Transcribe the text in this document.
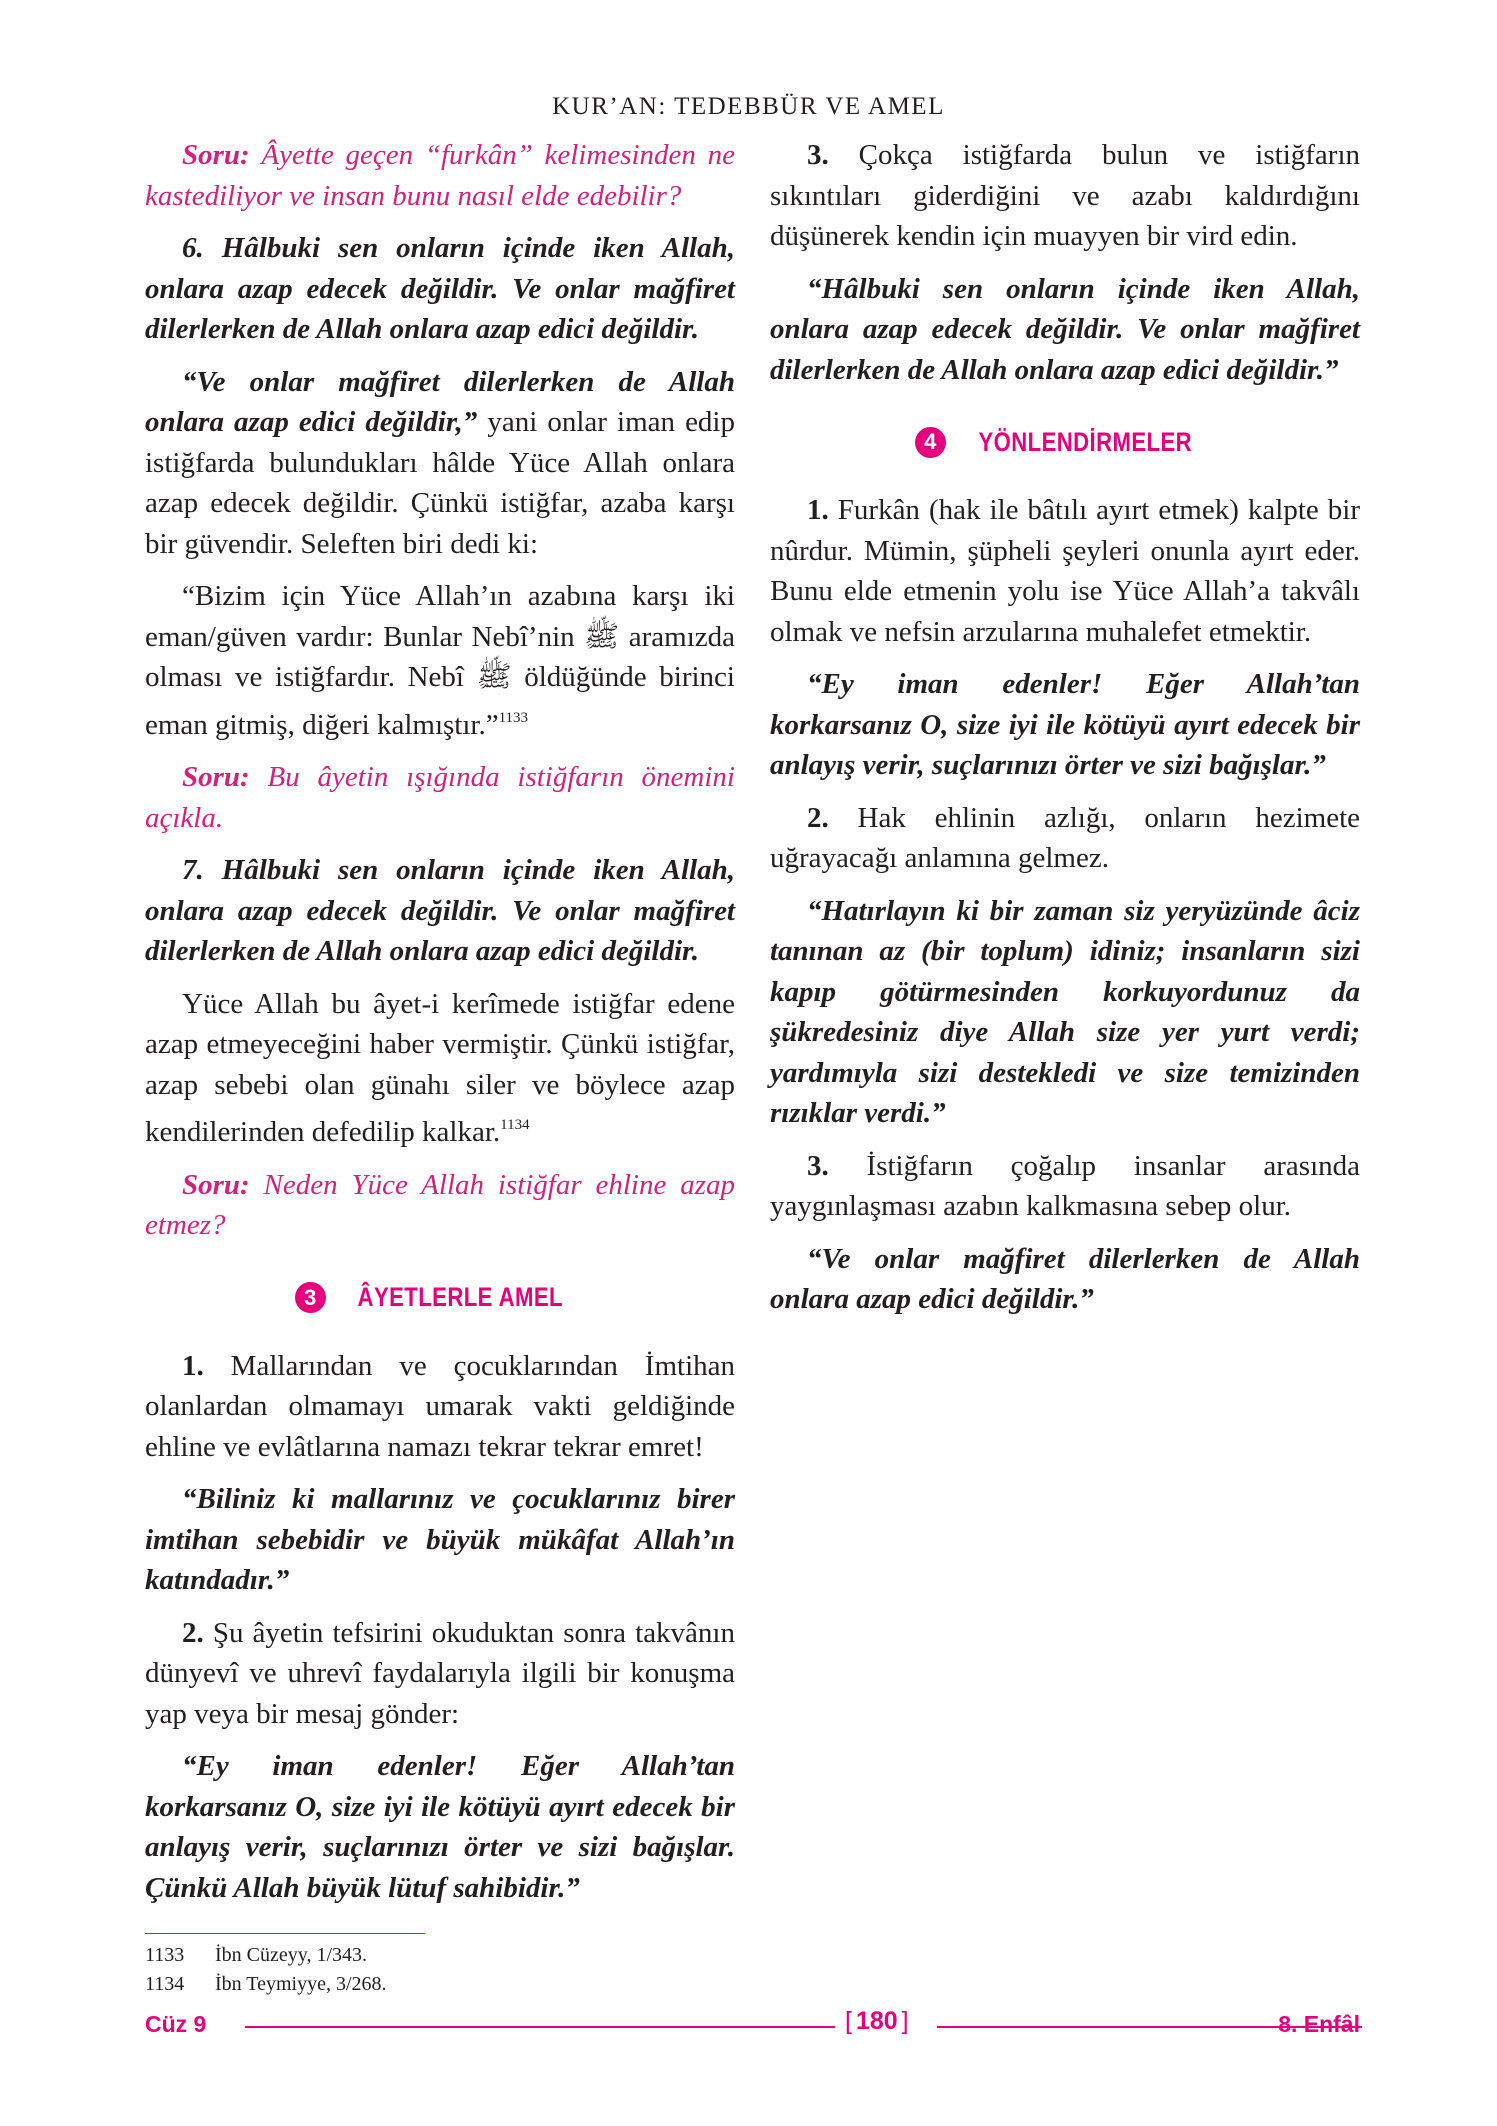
KUR’AN: TEDEBBÜR VE AMEL

Soru: Âyette geçen “furkân” kelimesinden ne kastediliyor ve insan bunu nasıl elde edebilir?

6. Hâlbuki sen onların içinde iken Allah, onlara azap edecek değildir. Ve onlar mağfiret dilerlerken de Allah onlara azap edici değildir.

“Ve onlar mağfiret dilerlerken de Allah onlara azap edici değildir,” yani onlar iman edip istiğfarda bulundukları hâlde Yüce Allah onlara azap edecek değildir. Çünkü istiğfar, azaba karşı bir güvendir. Seleften biri dedi ki:

“Bizim için Yüce Allah’ın azabına karşı iki eman/güven vardır: Bunlar Nebî’nin ﷺ aramızda olması ve istiğfardır. Nebî ﷺ öldüğünde birinci eman gitmiş, diğeri kalmıştır.”$^{1133}$

Soru: Bu âyetin ışığında istiğfarın önemini açıkla.

7. Hâlbuki sen onların içinde iken Allah, onlara azap edecek değildir. Ve onlar mağfiret dilerlerken de Allah onlara azap edici değildir.

Yüce Allah bu âyet-i kerîmede istiğfar edene azap etmeyeceğini haber vermiştir. Çünkü istiğfar, azap sebebi olan günahı siler ve böylece azap kendilerinden defedilip kalkar.$^{1134}$

Soru: Neden Yüce Allah istiğfar ehline azap etmez?

3	ÂYETLERLE AMEL

1. Mallarından ve çocuklarından İmtihan olanlardan olmamayı umarak vakti geldiğinde ehline ve evlâtlarına namazı tekrar tekrar emret!

“Biliniz ki mallarınız ve çocuklarınız birer imtihan sebebidir ve büyük mükâfat Allah’ın katındadır.”

2. Şu âyetin tefsirini okuduktan sonra takvânın dünyevî ve uhrevî faydalarıyla ilgili bir konuşma yap veya bir mesaj gönder:

“Ey iman edenler! Eğer Allah’tan korkarsanız O, size iyi ile kötüyü ayırt edecek bir anlayış verir, suçlarınızı örter ve sizi bağışlar. Çünkü Allah büyük lütuf sahibidir.”

3. Çokça istiğfarda bulun ve istiğfarın sıkıntıları giderdiğini ve azabı kaldırdığını düşünerek kendin için muayyen bir vird edin.

“Hâlbuki sen onların içinde iken Allah, onlara azap edecek değildir. Ve onlar mağfiret dilerlerken de Allah onlara azap edici değildir.”

4	YÖNLENDİRMELER

1. Furkân (hak ile bâtılı ayırt etmek) kalpte bir nûrdur. Mümin, şüpheli şeyleri onunla ayırt eder. Bunu elde etmenin yolu ise Yüce Allah’a takvâlı olmak ve nefsin arzularına muhalefet etmektir.

“Ey iman edenler! Eğer Allah’tan korkarsanız O, size iyi ile kötüyü ayırt edecek bir anlayış verir, suçlarınızı örter ve sizi bağışlar.”

2. Hak ehlinin azlığı, onların hezimete uğrayacağı anlamına gelmez.

“Hatırlayın ki bir zaman siz yeryüzünde âciz tanınan az (bir toplum) idiniz; insanların sizi kapıp götürmesinden korkuyordunuz da şükredesiniz diye Allah size yer yurt verdi; yardımıyla sizi destekledi ve size temizinden rızıklar verdi.”

3. İstiğfarın çoğalıp insanlar arasında yaygınlaşması azabın kalkmasına sebep olur.

“Ve onlar mağfiret dilerlerken de Allah onlara azap edici değildir.”

1133	İbn Cüzeyy, 1/343.
1134	İbn Teymiyye, 3/268.
Cüz 9	[ 180 ]	8. Enfâl
